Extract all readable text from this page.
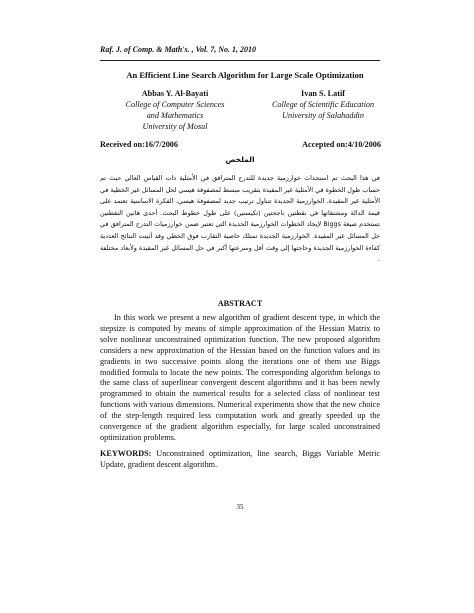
Raf. J. of Comp. & Math's. , Vol. 7, No. 1, 2010
An Efficient Line Search Algorithm for Large Scale Optimization
Abbas Y. Al-Bayati
College of Computer Sciences
and Mathematics
University of Mosul
Ivan S. Latif
College of Scientific Education
University of Salahaddin
Received on:16/7/2006	Accepted on:4/10/2006
الملخص
في هذا البحث تم استحداث خوارزمية جديدة للتدرج المترافق في الأمثلية ذات القياس العالي حيث تم حساب طول الخطوة في الأمثلية غير المقيدة بتقريب مبسط لمصفوفة هيسي لحل المسائل غير الخطية في الأمثلية غير المقيدة. الخوارزمية الجديدة تتناول ترتيب جديد لمصفوفة هيسي، الفكرة الاساسية تعتمد على قيمة الدالة ومشتقاتها في نقطتين ناجحتين (تكيستين) على طول خطوط البحث. أحدى هاتين النقطتين تستخدم صيغة Biggs لإيجاد الخطوات الخوارزمية الجديدة التي تعتبر ضمن خوارزميات التدرج المترافق في حل المسائل غير المقيدة. الخوارزمية الجديدة تمتلك خاصية التقارب فوق الخطي وقد أثبتت النتائج العددية كفاءة الخوارزمية الجديدة وحاجتها إلى وقت أقل وسرعتها أكبر في حل المسائل غير المقيدة ولأبعاد مختلفة .
ABSTRACT
In this work we present a new algorithm of gradient descent type, in which the stepsize is computed by means of simple approximation of the Hessian Matrix to solve nonlinear unconstrained optimization function. The new proposed algorithm considers a new approximation of the Hessian based on the function values and its gradients in two successive points along the iterations one of them use Biggs modified formula to locate the new points. The corresponding algorithm belongs to the same class of superlinear convergent descent algorithms and it has been newly programmed to obtain the numerical results for a selected class of nonlinear test functions with various dimensions. Numerical experiments show that the new choice of the step-length required less computation work and greatly speeded up the convergence of the gradient algorithm especially, for large scaled unconstrained optimization problems.
KEYWORDS: Unconstrained optimization, line search, Biggs Variable Metric Update, gradient descent algorithm.
35
